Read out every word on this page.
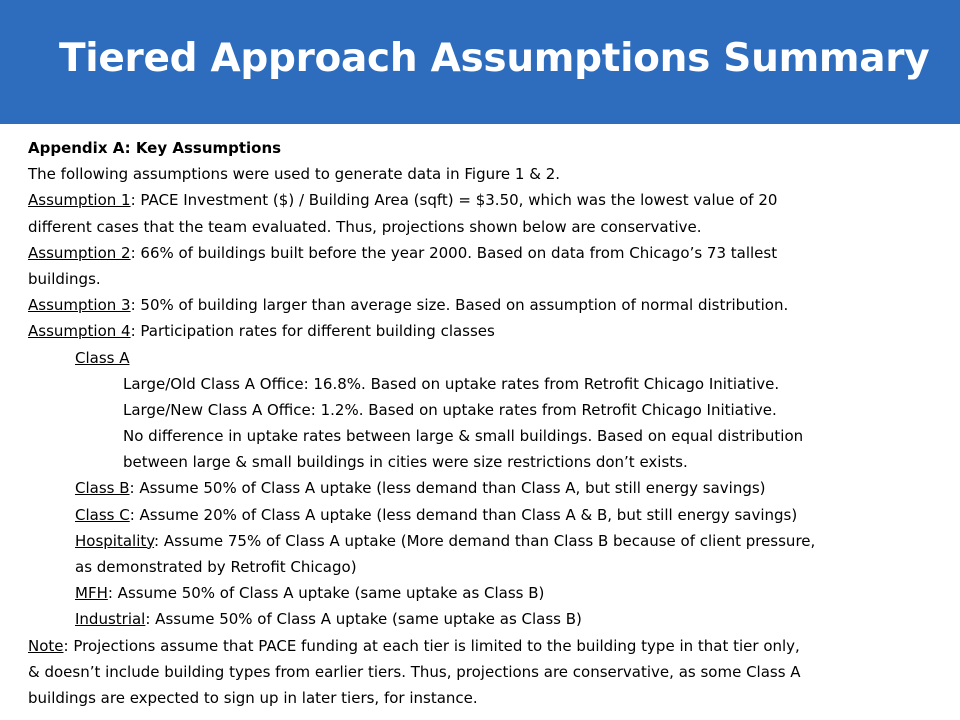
Tiered Approach Assumptions Summary
Appendix A: Key Assumptions
The following assumptions were used to generate data in Figure 1 & 2.
Assumption 1: PACE Investment ($) / Building Area (sqft) = $3.50, which was the lowest value of 20
different cases that the team evaluated. Thus, projections shown below are conservative.
Assumption 2: 66% of buildings built before the year 2000. Based on data from Chicago’s 73 tallest
buildings.
Assumption 3: 50% of building larger than average size. Based on assumption of normal distribution.
Assumption 4: Participation rates for different building classes
Class A
Large/Old Class A Office: 16.8%. Based on uptake rates from Retrofit Chicago Initiative.
Large/New Class A Office: 1.2%. Based on uptake rates from Retrofit Chicago Initiative.
No difference in uptake rates between large & small buildings. Based on equal distribution
between large & small buildings in cities were size restrictions don’t exists.
Class B: Assume 50% of Class A uptake (less demand than Class A, but still energy savings)
Class C: Assume 20% of Class A uptake (less demand than Class A & B, but still energy savings)
Hospitality: Assume 75% of Class A uptake (More demand than Class B because of client pressure,
as demonstrated by Retrofit Chicago)
MFH: Assume 50% of Class A uptake (same uptake as Class B)
Industrial: Assume 50% of Class A uptake (same uptake as Class B)
Note: Projections assume that PACE funding at each tier is limited to the building type in that tier only,
& doesn’t include building types from earlier tiers. Thus, projections are conservative, as some Class A
buildings are expected to sign up in later tiers, for instance.
